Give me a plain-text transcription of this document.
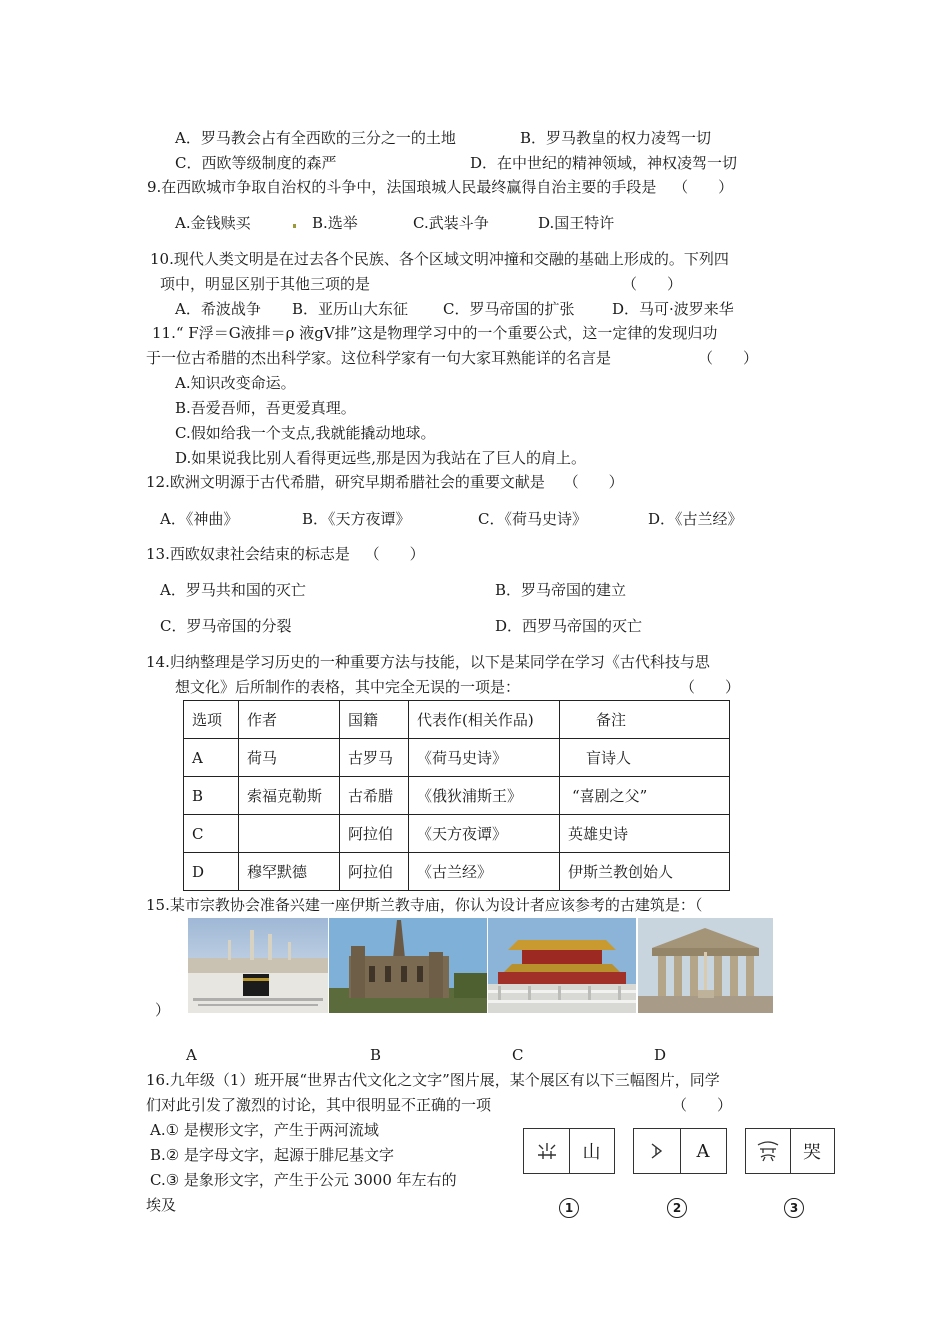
A．罗马教会占有全西欧的三分之一的土地	B．罗马教皇的权力凌驾一切
C．西欧等级制度的森严	D．在中世纪的精神领域，神权凌驾一切
9.在西欧城市争取自治权的斗争中，法国琅城人民最终赢得自治主要的手段是 （　　）
A.金钱赎买	B.选举	C.武装斗争	D.国王特许
10.现代人类文明是在过去各个民族、各个区域文明冲撞和交融的基础上形成的。下列四
项中，明显区别于其他三项的是	（　　）
A．希波战争 B．亚历山大东征 C．罗马帝国的扩张	D．马可·波罗来华
11.“ F浮＝G液排＝ρ 液gV排”这是物理学习中的一个重要公式，这一定律的发现归功
于一位古希腊的杰出科学家。这位科学家有一句大家耳熟能详的名言是	（　　）
A.知识改变命运。
B.吾爱吾师，吾更爱真理。
C.假如给我一个支点,我就能撬动地球。
D.如果说我比别人看得更远些,那是因为我站在了巨人的肩上。
12.欧洲文明源于古代希腊，研究早期希腊社会的重要文献是 （　　）
A．《神曲》	B．《天方夜谭》	C．《荷马史诗》	D．《古兰经》
13.西欧奴隶社会结束的标志是 （　　）
A．罗马共和国的灭亡	B．罗马帝国的建立
C．罗马帝国的分裂	D．西罗马帝国的灭亡
14.归纳整理是学习历史的一种重要方法与技能，以下是某同学在学习《古代科技与思
想文化》后所制作的表格，其中完全无误的一项是：	（　　）
选项	作者	国籍	代表作(相关作品)	备注
A	荷马	古罗马	《荷马史诗》	盲诗人
B	索福克勒斯	古希腊	《俄狄浦斯王》	“喜剧之父”
C		阿拉伯	《天方夜谭》	英雄史诗
D	穆罕默德	阿拉伯	《古兰经》	伊斯兰教创始人
15.某市宗教协会准备兴建一座伊斯兰教寺庙，你认为设计者应该参考的古建筑是：（
）
A	B	C	D
16.九年级（1）班开展“世界古代文化之文字”图片展，某个展区有以下三幅图片，同学
们对此引发了激烈的讨论，其中很明显不正确的一项	（　　）
A.① 是楔形文字，产生于两河流域
B.② 是字母文字，起源于腓尼基文字
C.③ 是象形文字，产生于公元 3000 年左右的
埃及
山	A	哭
1	2	3
